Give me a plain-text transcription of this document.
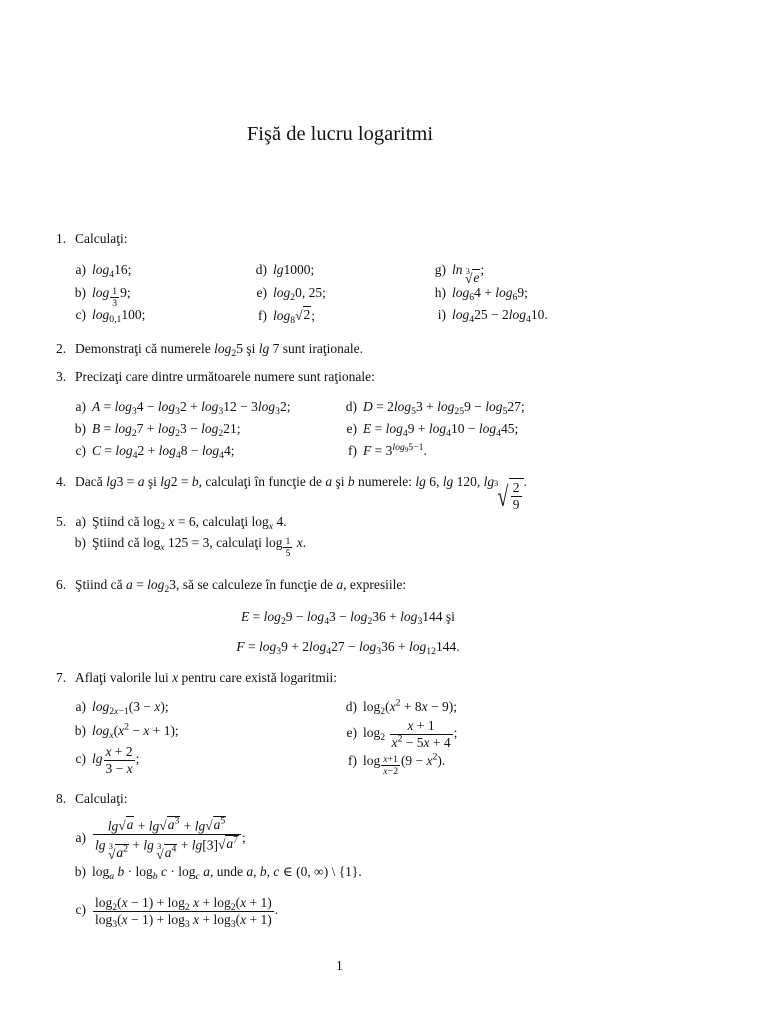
Fişă de lucru logaritmi
1. Calculaţi:
a) $\log_416$;
b) log $_{\frac{1}{3}}$ 9;
c) $\log_{0,1}100$;
d) lg1000;
e) $\log_20$, 25;
f) $\log_8$
√ 2 ;
g) ln 3
√ e
;
h) $\log_64 + \log_69$;
i) $\log_425 - 2\log_410$.
2. Demonstraţi că numerele $\log_25$ şi lg 7 sunt iraţionale.
3. Precizaţi care dintre următoarele numere sunt raţionale:
a) $A = \log_34 - \log_32 + \log_312 - 3\log_32$;
b) $B = \log_27 + \log_23 - \log_221$;
c) $C = \log_42 + \log_48 - \log_44$;
d) $D = 2\log_53 + \log_{25}9 - \log_527$;
e) $E = \log_49 + \log_410 - \log_445$;
f) $F = 3^{log_95-1}$.
4. Dacă lg3 = a şi lg2 = b, calculaţi în funcţie de a şi b numerele: lg 6, lg 120, lg 3
√ $\frac{2}{9}$ .
5. a) Ştiind că $\log_2 x = 6$, calculaţi $\log_x 4$.
b) Ştiind că $\log_x 125 = 3$, calculaţi log $_{\frac{1}{5}}$ x.
6. Ştiind că $a = \log_23$, să se calculeze în funcţie de a, expresiile:
$E = \log_29 - \log_43 - \log_236 + \log_3144$ şi
$F = \log_39 + 2\log_427 - \log_336 + \log_{12}144$.
7. Aflaţi valorile lui x pentru care există logaritmii:
a) $\log_{2x-1}(3 - x)$;
b) $\log_x(x^2 - x + 1)$;
c) $\lg \frac{x + 2}{3 - x}$ ;
d) $\log_2(x^2 + 8x - 9)$;
e) $\log_2 \frac{x + 1}{x^2 - 5x + 4}$ ;
f) log $_{\frac{x+1}{x-2}}$ $(9 - x^2)$.
8. Calculaţi:
a) lg
√ a + lg
√ $a^3 + \lg$
√ $a^5$
lg 3
√ $a^2 + \lg 3$
√ $a^4 + \lg[3]$
√ $a^7$ ;
b) $\log_a b \cdot \log_b c \cdot \log_c a$, unde a, b, c ∈ (0, ∞) \ {1}.
$c) \frac{\log_2(x - 1) + \log_2 x + \log_2(x + 1)}{\log_3(x - 1) + \log_3 x + \log_3(x + 1)}$ .
1
